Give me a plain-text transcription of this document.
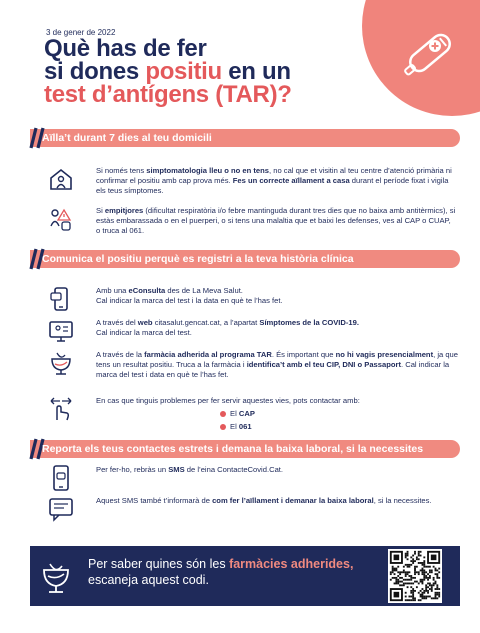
3 de gener de 2022
Què has de fer
si dones positiu en un
test d’antígens (TAR)?
Aïlla’t durant 7 dies al teu domicili
Si només tens simptomatologia lleu o no en tens, no cal que et visitin al teu centre d’atenció primària ni confirmar el positiu amb cap prova més. Fes un correcte aïllament a casa durant el període fixat i vigila els teus símptomes.
Si empitjores (dificultat respiratòria i/o febre mantinguda durant tres dies que no baixa amb antitèrmics), si estàs embarassada o en el puerperi, o si tens una malaltia que et baixi les defenses, ves al CAP o CUAP, o truca al 061.
Comunica el positiu perquè es registri a la teva història clínica
Amb una eConsulta des de La Meva Salut.
Cal indicar la marca del test i la data en què te l’has fet.
A través del web citasalut.gencat.cat, a l’apartat Símptomes de la COVID-19.
Cal indicar la marca del test.
A través de la farmàcia adherida al programa TAR. És important que no hi vagis presencialment, ja que tens un resultat positiu. Truca a la farmàcia i identifica’t amb el teu CIP, DNI o Passaport. Cal indicar la marca del test i data en què te l’has fet.
En cas que tinguis problemes per fer servir aquestes vies, pots contactar amb:
El CAP
El 061
Reporta els teus contactes estrets i demana la baixa laboral, si la necessites
Per fer-ho, rebràs un SMS de l’eina ContacteCovid.Cat.
Aquest SMS també t’informarà de com fer l’aïllament i demanar la baixa laboral, si la necessites.
Per saber quines són les farmàcies adherides, escaneja aquest codi.
